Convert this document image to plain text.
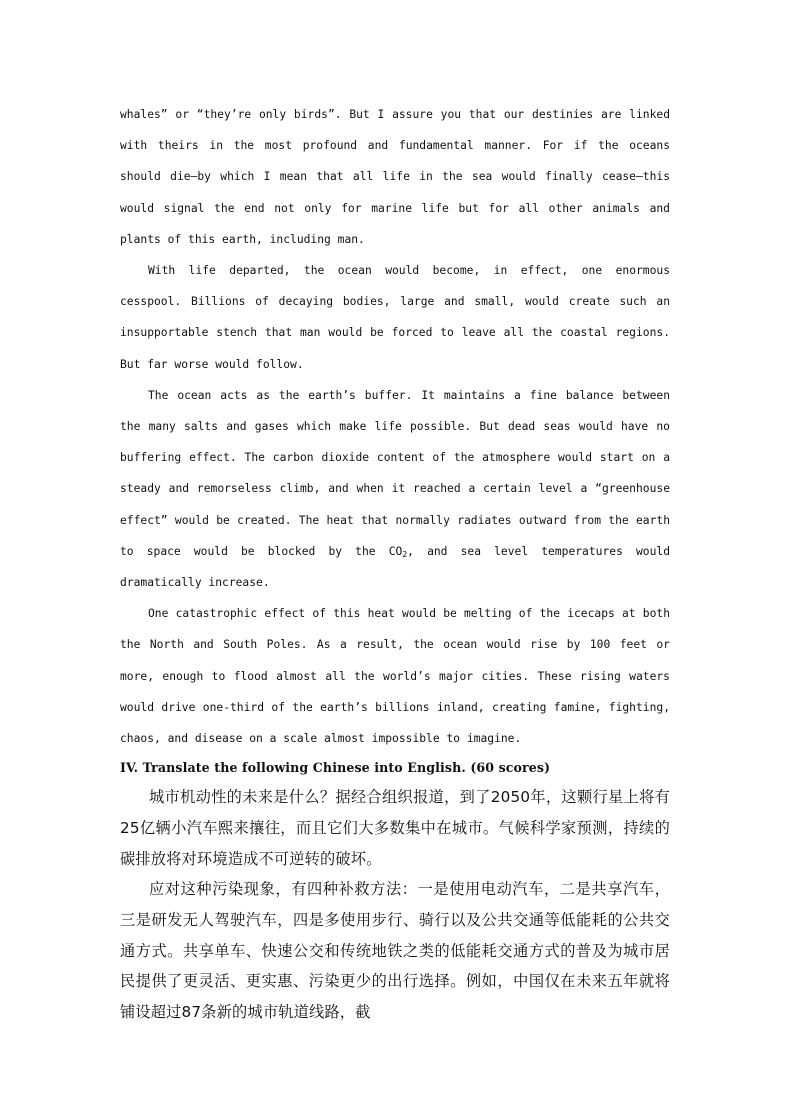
whales” or “they’re only birds”. But I assure you that our destinies are linked with theirs in the most profound and fundamental manner. For if the oceans should die—by which I mean that all life in the sea would finally cease—this would signal the end not only for marine life but for all other animals and plants of this earth, including man.

With life departed, the ocean would become, in effect, one enormous cesspool. Billions of decaying bodies, large and small, would create such an insupportable stench that man would be forced to leave all the coastal regions. But far worse would follow.

The ocean acts as the earth’s buffer. It maintains a fine balance between the many salts and gases which make life possible. But dead seas would have no buffering effect. The carbon dioxide content of the atmosphere would start on a steady and remorseless climb, and when it reached a certain level a “greenhouse effect” would be created. The heat that normally radiates outward from the earth to space would be blocked by the $CO_2$, and sea level temperatures would dramatically increase.

One catastrophic effect of this heat would be melting of the icecaps at both the North and South Poles. As a result, the ocean would rise by 100 feet or more, enough to flood almost all the world’s major cities. These rising waters would drive one-third of the earth’s billions inland, creating famine, fighting, chaos, and disease on a scale almost impossible to imagine.

IV. Translate the following Chinese into English. (60 scores)

城市机动性的未来是什么？据经合组织报道，到了2050年，这颗行星上将有25亿辆小汽车熙来攘往，而且它们大多数集中在城市。气候科学家预测，持续的碳排放将对环境造成不可逆转的破坏。

应对这种污染现象，有四种补救方法：一是使用电动汽车，二是共享汽车，三是研发无人驾驶汽车，四是多使用步行、骑行以及公共交通等低能耗的公共交通方式。共享单车、快速公交和传统地铁之类的低能耗交通方式的普及为城市居民提供了更灵活、更实惠、污染更少的出行选择。例如，中国仅在未来五年就将铺设超过87条新的城市轨道线路，截
